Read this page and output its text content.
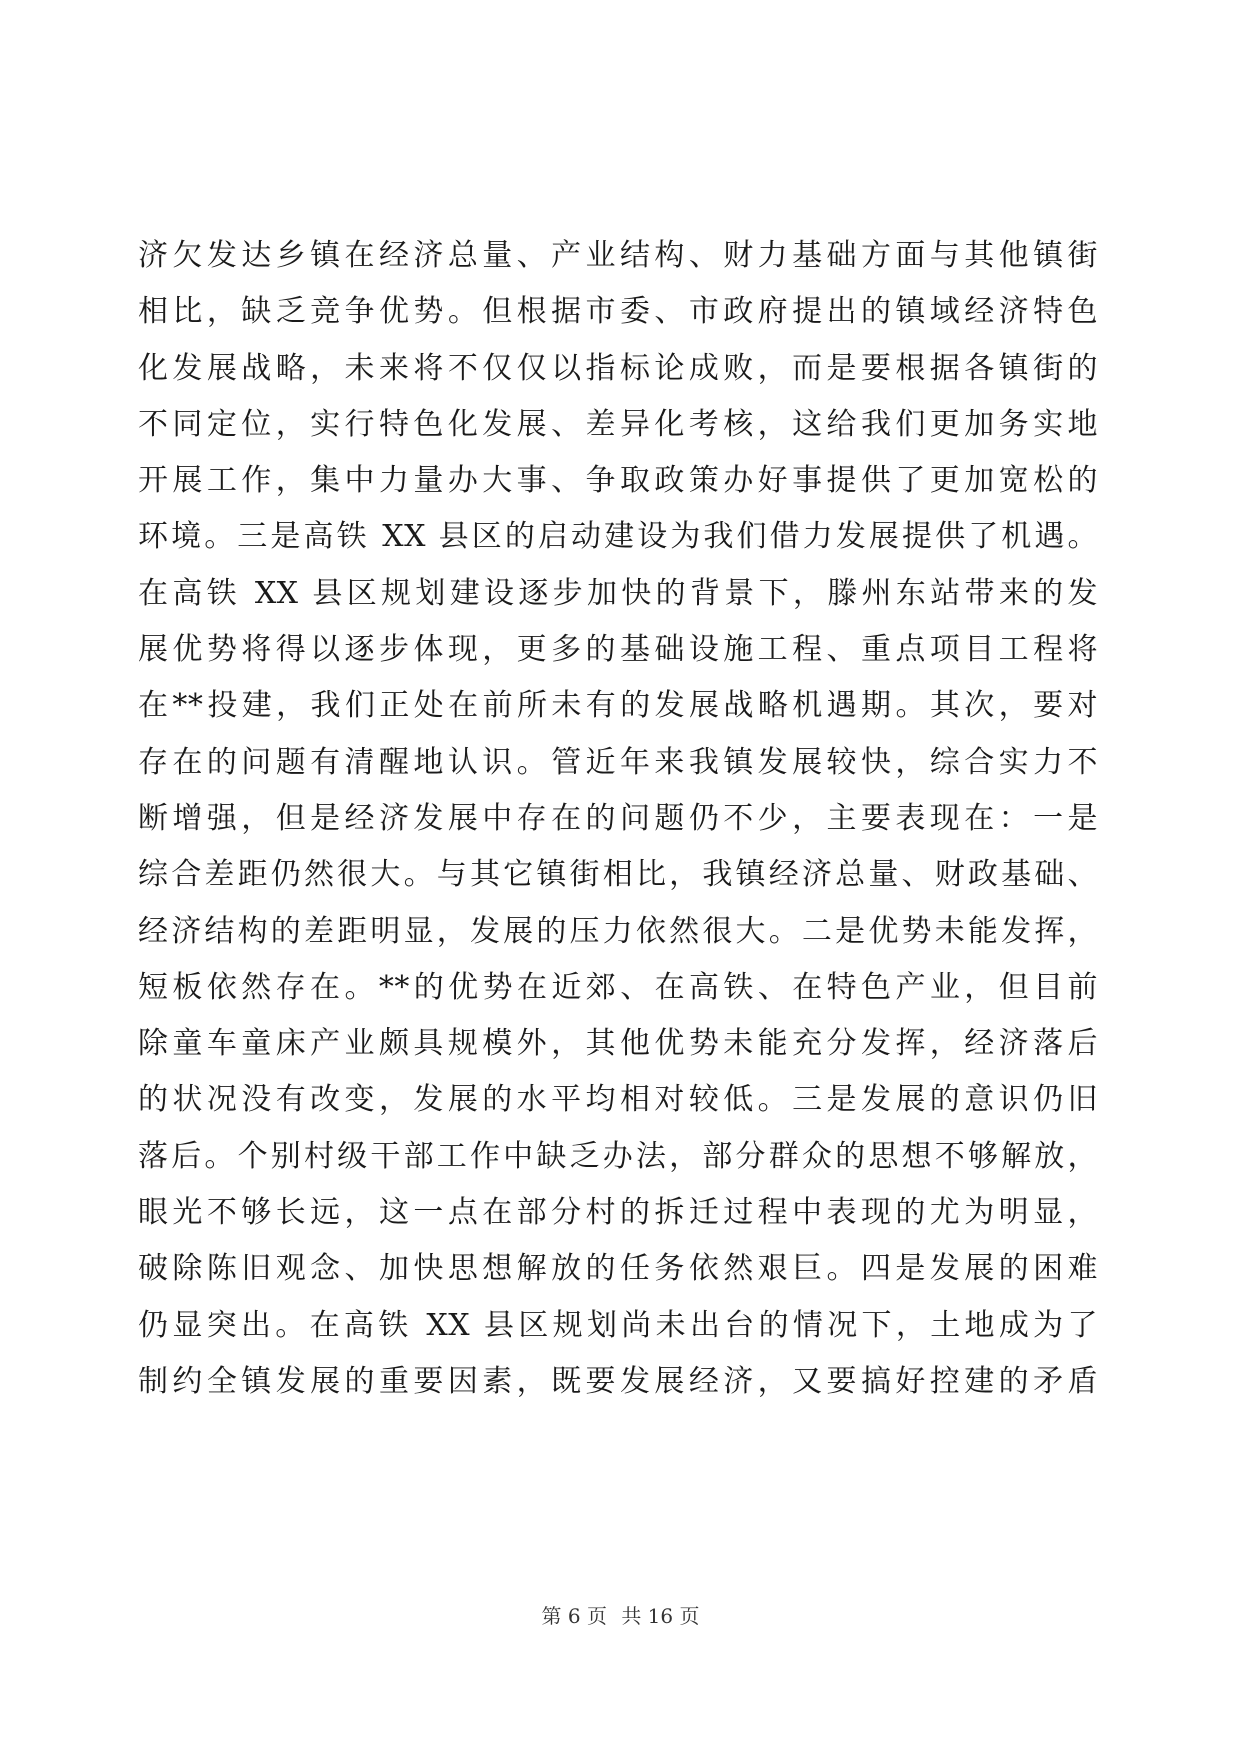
济欠发达乡镇在经济总量、产业结构、财力基础方面与其他镇街
相比，缺乏竞争优势。但根据市委、市政府提出的镇域经济特色
化发展战略，未来将不仅仅以指标论成败，而是要根据各镇街的
不同定位，实行特色化发展、差异化考核，这给我们更加务实地
开展工作，集中力量办大事、争取政策办好事提供了更加宽松的
环境。三是高铁 XX 县区的启动建设为我们借力发展提供了机遇。
在高铁 XX 县区规划建设逐步加快的背景下，滕州东站带来的发
展优势将得以逐步体现，更多的基础设施工程、重点项目工程将
在**投建，我们正处在前所未有的发展战略机遇期。其次，要对
存在的问题有清醒地认识。管近年来我镇发展较快，综合实力不
断增强，但是经济发展中存在的问题仍不少，主要表现在：一是
综合差距仍然很大。与其它镇街相比，我镇经济总量、财政基础、
经济结构的差距明显，发展的压力依然很大。二是优势未能发挥，
短板依然存在。**的优势在近郊、在高铁、在特色产业，但目前
除童车童床产业颇具规模外，其他优势未能充分发挥，经济落后
的状况没有改变，发展的水平均相对较低。三是发展的意识仍旧
落后。个别村级干部工作中缺乏办法，部分群众的思想不够解放，
眼光不够长远，这一点在部分村的拆迁过程中表现的尤为明显，
破除陈旧观念、加快思想解放的任务依然艰巨。四是发展的困难
仍显突出。在高铁 XX 县区规划尚未出台的情况下，土地成为了
制约全镇发展的重要因素，既要发展经济，又要搞好控建的矛盾
第 6 页 共 16 页
